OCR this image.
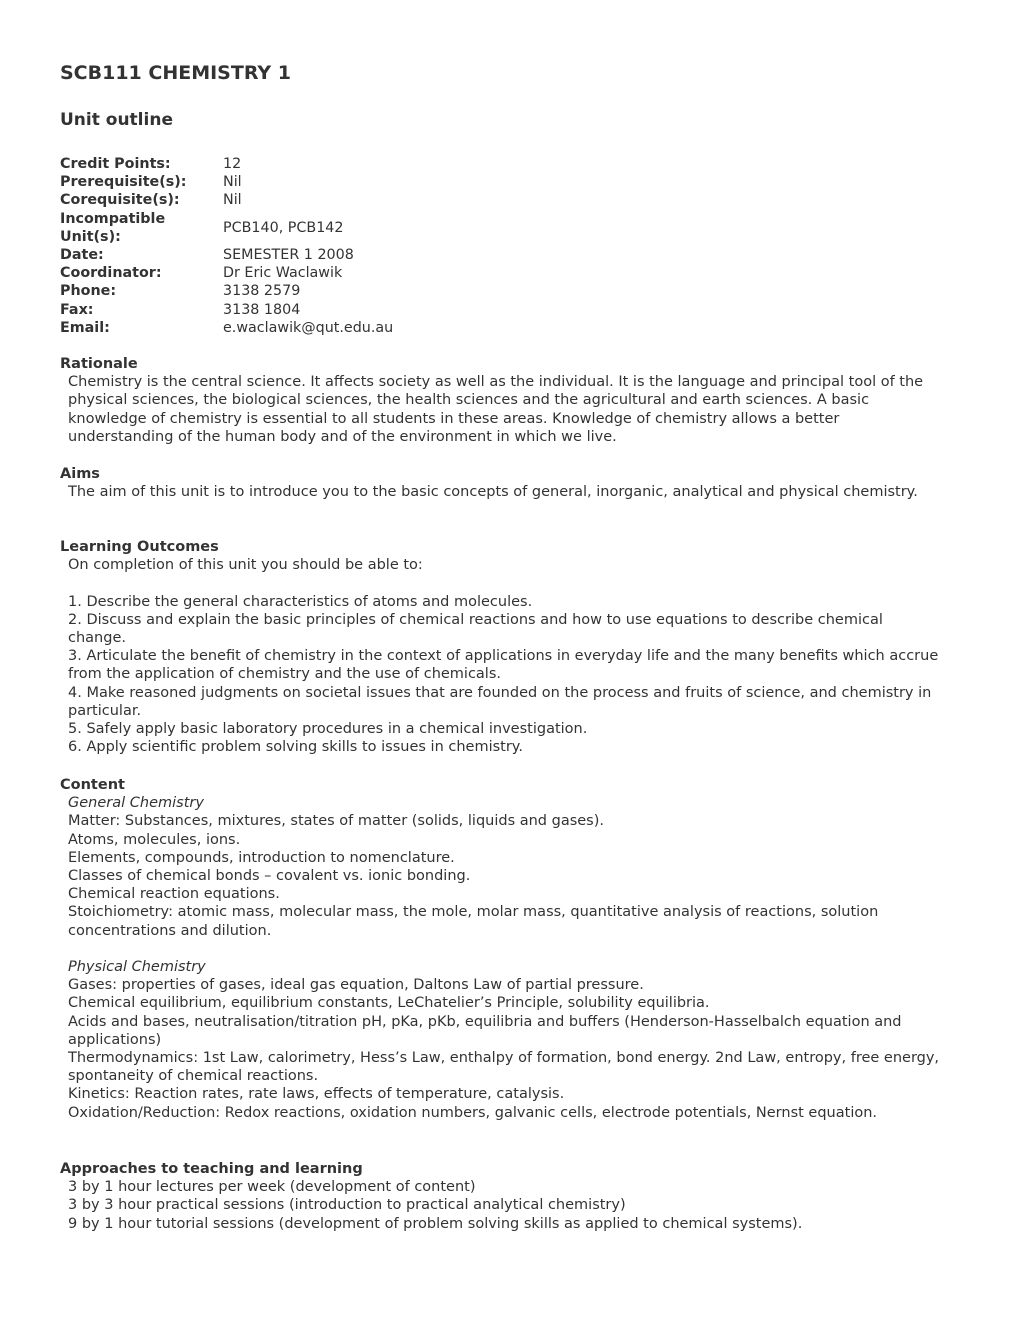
SCB111 CHEMISTRY 1
Unit outline
Credit Points:	12
Prerequisite(s):	Nil
Corequisite(s):	Nil
Incompatible Unit(s):	PCB140, PCB142
Date:	SEMESTER 1 2008
Coordinator:	Dr Eric Waclawik
Phone:	3138 2579
Fax:	3138 1804
Email:	e.waclawik@qut.edu.au
Rationale

Chemistry is the central science. It affects society as well as the individual. It is the language and principal tool of the physical sciences, the biological sciences, the health sciences and the agricultural and earth sciences. A basic knowledge of chemistry is essential to all students in these areas. Knowledge of chemistry allows a better understanding of the human body and of the environment in which we live.

Aims

The aim of this unit is to introduce you to the basic concepts of general, inorganic, analytical and physical chemistry.

Learning Outcomes

On completion of this unit you should be able to:

1. Describe the general characteristics of atoms and molecules.
2. Discuss and explain the basic principles of chemical reactions and how to use equations to describe chemical change.
3. Articulate the benefit of chemistry in the context of applications in everyday life and the many benefits which accrue from the application of chemistry and the use of chemicals.
4. Make reasoned judgments on societal issues that are founded on the process and fruits of science, and chemistry in particular.
5. Safely apply basic laboratory procedures in a chemical investigation.
6. Apply scientific problem solving skills to issues in chemistry.
Content

General Chemistry

Matter: Substances, mixtures, states of matter (solids, liquids and gases).

Atoms, molecules, ions.

Elements, compounds, introduction to nomenclature.

Classes of chemical bonds – covalent vs. ionic bonding.

Chemical reaction equations.

Stoichiometry: atomic mass, molecular mass, the mole, molar mass, quantitative analysis of reactions, solution concentrations and dilution.

Physical Chemistry

Gases: properties of gases, ideal gas equation, Daltons Law of partial pressure.

Chemical equilibrium, equilibrium constants, LeChatelier’s Principle, solubility equilibria.

Acids and bases, neutralisation/titration pH, pKa, pKb, equilibria and buffers (Henderson-Hasselbalch equation and applications)

Thermodynamics: 1st Law, calorimetry, Hess’s Law, enthalpy of formation, bond energy. 2nd Law, entropy, free energy, spontaneity of chemical reactions.

Kinetics: Reaction rates, rate laws, effects of temperature, catalysis.

Oxidation/Reduction: Redox reactions, oxidation numbers, galvanic cells, electrode potentials, Nernst equation.

Approaches to teaching and learning

3 by 1 hour lectures per week (development of content)

3 by 3 hour practical sessions (introduction to practical analytical chemistry)

9 by 1 hour tutorial sessions (development of problem solving skills as applied to chemical systems).
